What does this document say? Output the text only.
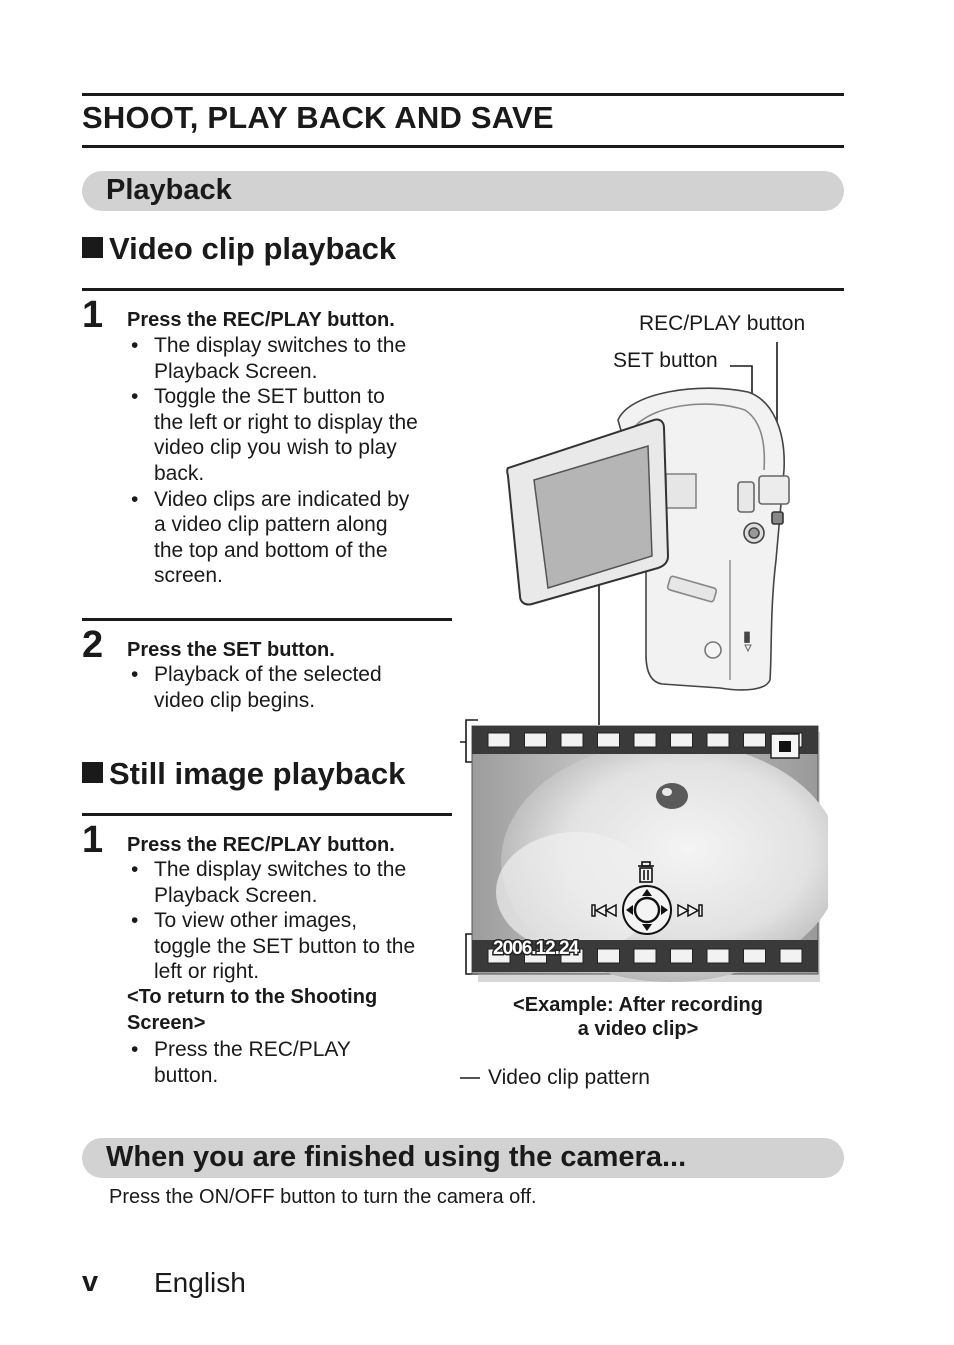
SHOOT, PLAY BACK AND SAVE
Playback
Video clip playback
1 Press the REC/PLAY button.
• The display switches to the
Playback Screen.
• Toggle the SET button to
the left or right to display the
video clip you wish to play
back.
• Video clips are indicated by
a video clip pattern along
the top and bottom of the
screen.
2 Press the SET button.
• Playback of the selected
video clip begins.
Still image playback
1 Press the REC/PLAY button.
• The display switches to the
Playback Screen.
• To view other images,
toggle the SET button to the
left or right.
<To return to the Shooting
Screen>
• Press the REC/PLAY
button.
REC/PLAY button
SET button
≡≡
2006.12.24
<Example: After recording
a video clip>
Video clip pattern
When you are finished using the camera...
Press the ON/OFF button to turn the camera off.
v English
